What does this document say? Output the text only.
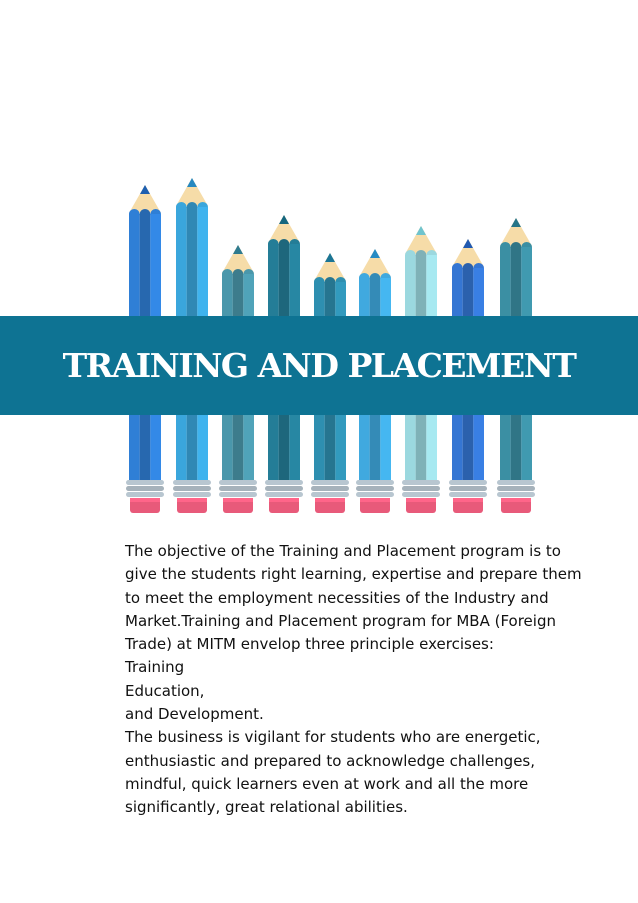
TRAINING AND PLACEMENT

The objective of the Training and Placement program is to give the students right learning, expertise and prepare them to meet the employment necessities of the Industry and Market.Training and Placement program for MBA (Foreign Trade) at MITM envelop three principle exercises:

Training

Education,

and Development.

The business is vigilant for students who are energetic, enthusiastic and prepared to acknowledge challenges, mindful, quick learners even at work and all the more significantly, great relational abilities.
